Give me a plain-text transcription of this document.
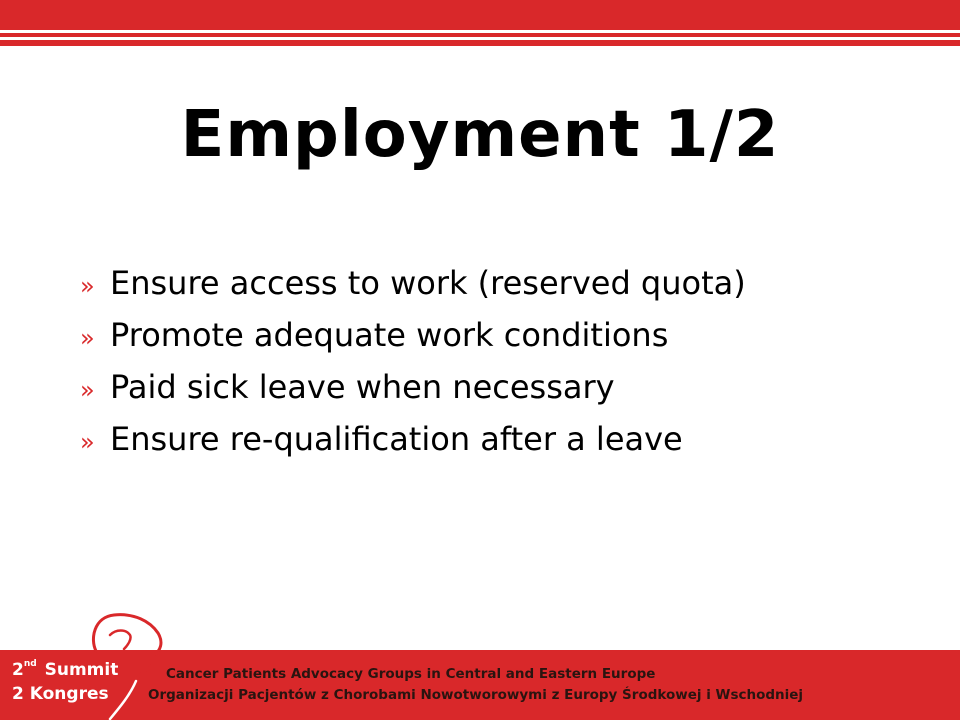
Employment 1/2
» Ensure access to work (reserved quota)
» Promote adequate work conditions
» Paid sick leave when necessary
» Ensure re-qualification after a leave
2nd Summit
2 Kongres
Cancer Patients Advocacy Groups in Central and Eastern Europe
Organizacji Pacjentów z Chorobami Nowotworowymi z Europy Środkowej i Wschodniej
